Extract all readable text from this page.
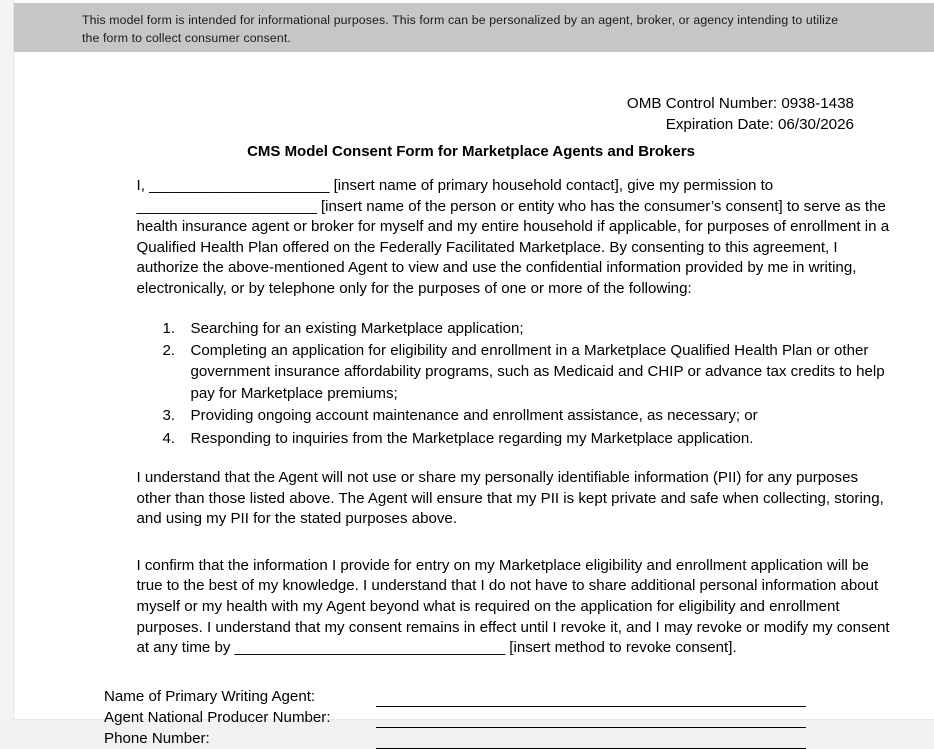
This model form is intended for informational purposes. This form can be personalized by an agent, broker, or agency intending to utilize the form to collect consumer consent.
OMB Control Number: 0938-1438
Expiration Date: 06/30/2026
CMS Model Consent Form for Marketplace Agents and Brokers

I, ______________________ [insert name of primary household contact], give my permission to ______________________ [insert name of the person or entity who has the consumer’s consent] to serve as the health insurance agent or broker for myself and my entire household if applicable, for purposes of enrollment in a Qualified Health Plan offered on the Federally Facilitated Marketplace. By consenting to this agreement, I authorize the above-mentioned Agent to view and use the confidential information provided by me in writing, electronically, or by telephone only for the purposes of one or more of the following:

1.	Searching for an existing Marketplace application;
2.	Completing an application for eligibility and enrollment in a Marketplace Qualified Health Plan or other government insurance affordability programs, such as Medicaid and CHIP or advance tax credits to help pay for Marketplace premiums;
3.	Providing ongoing account maintenance and enrollment assistance, as necessary; or
4.	Responding to inquiries from the Marketplace regarding my Marketplace application.

I understand that the Agent will not use or share my personally identifiable information (PII) for any purposes other than those listed above. The Agent will ensure that my PII is kept private and safe when collecting, storing, and using my PII for the stated purposes above.

I confirm that the information I provide for entry on my Marketplace eligibility and enrollment application will be true to the best of my knowledge. I understand that I do not have to share additional personal information about myself or my health with my Agent beyond what is required on the application for eligibility and enrollment purposes. I understand that my consent remains in effect until I revoke it, and I may revoke or modify my consent at any time by _________________________________ [insert method to revoke consent].

Name of Primary Writing Agent:
Agent National Producer Number:
Phone Number:
